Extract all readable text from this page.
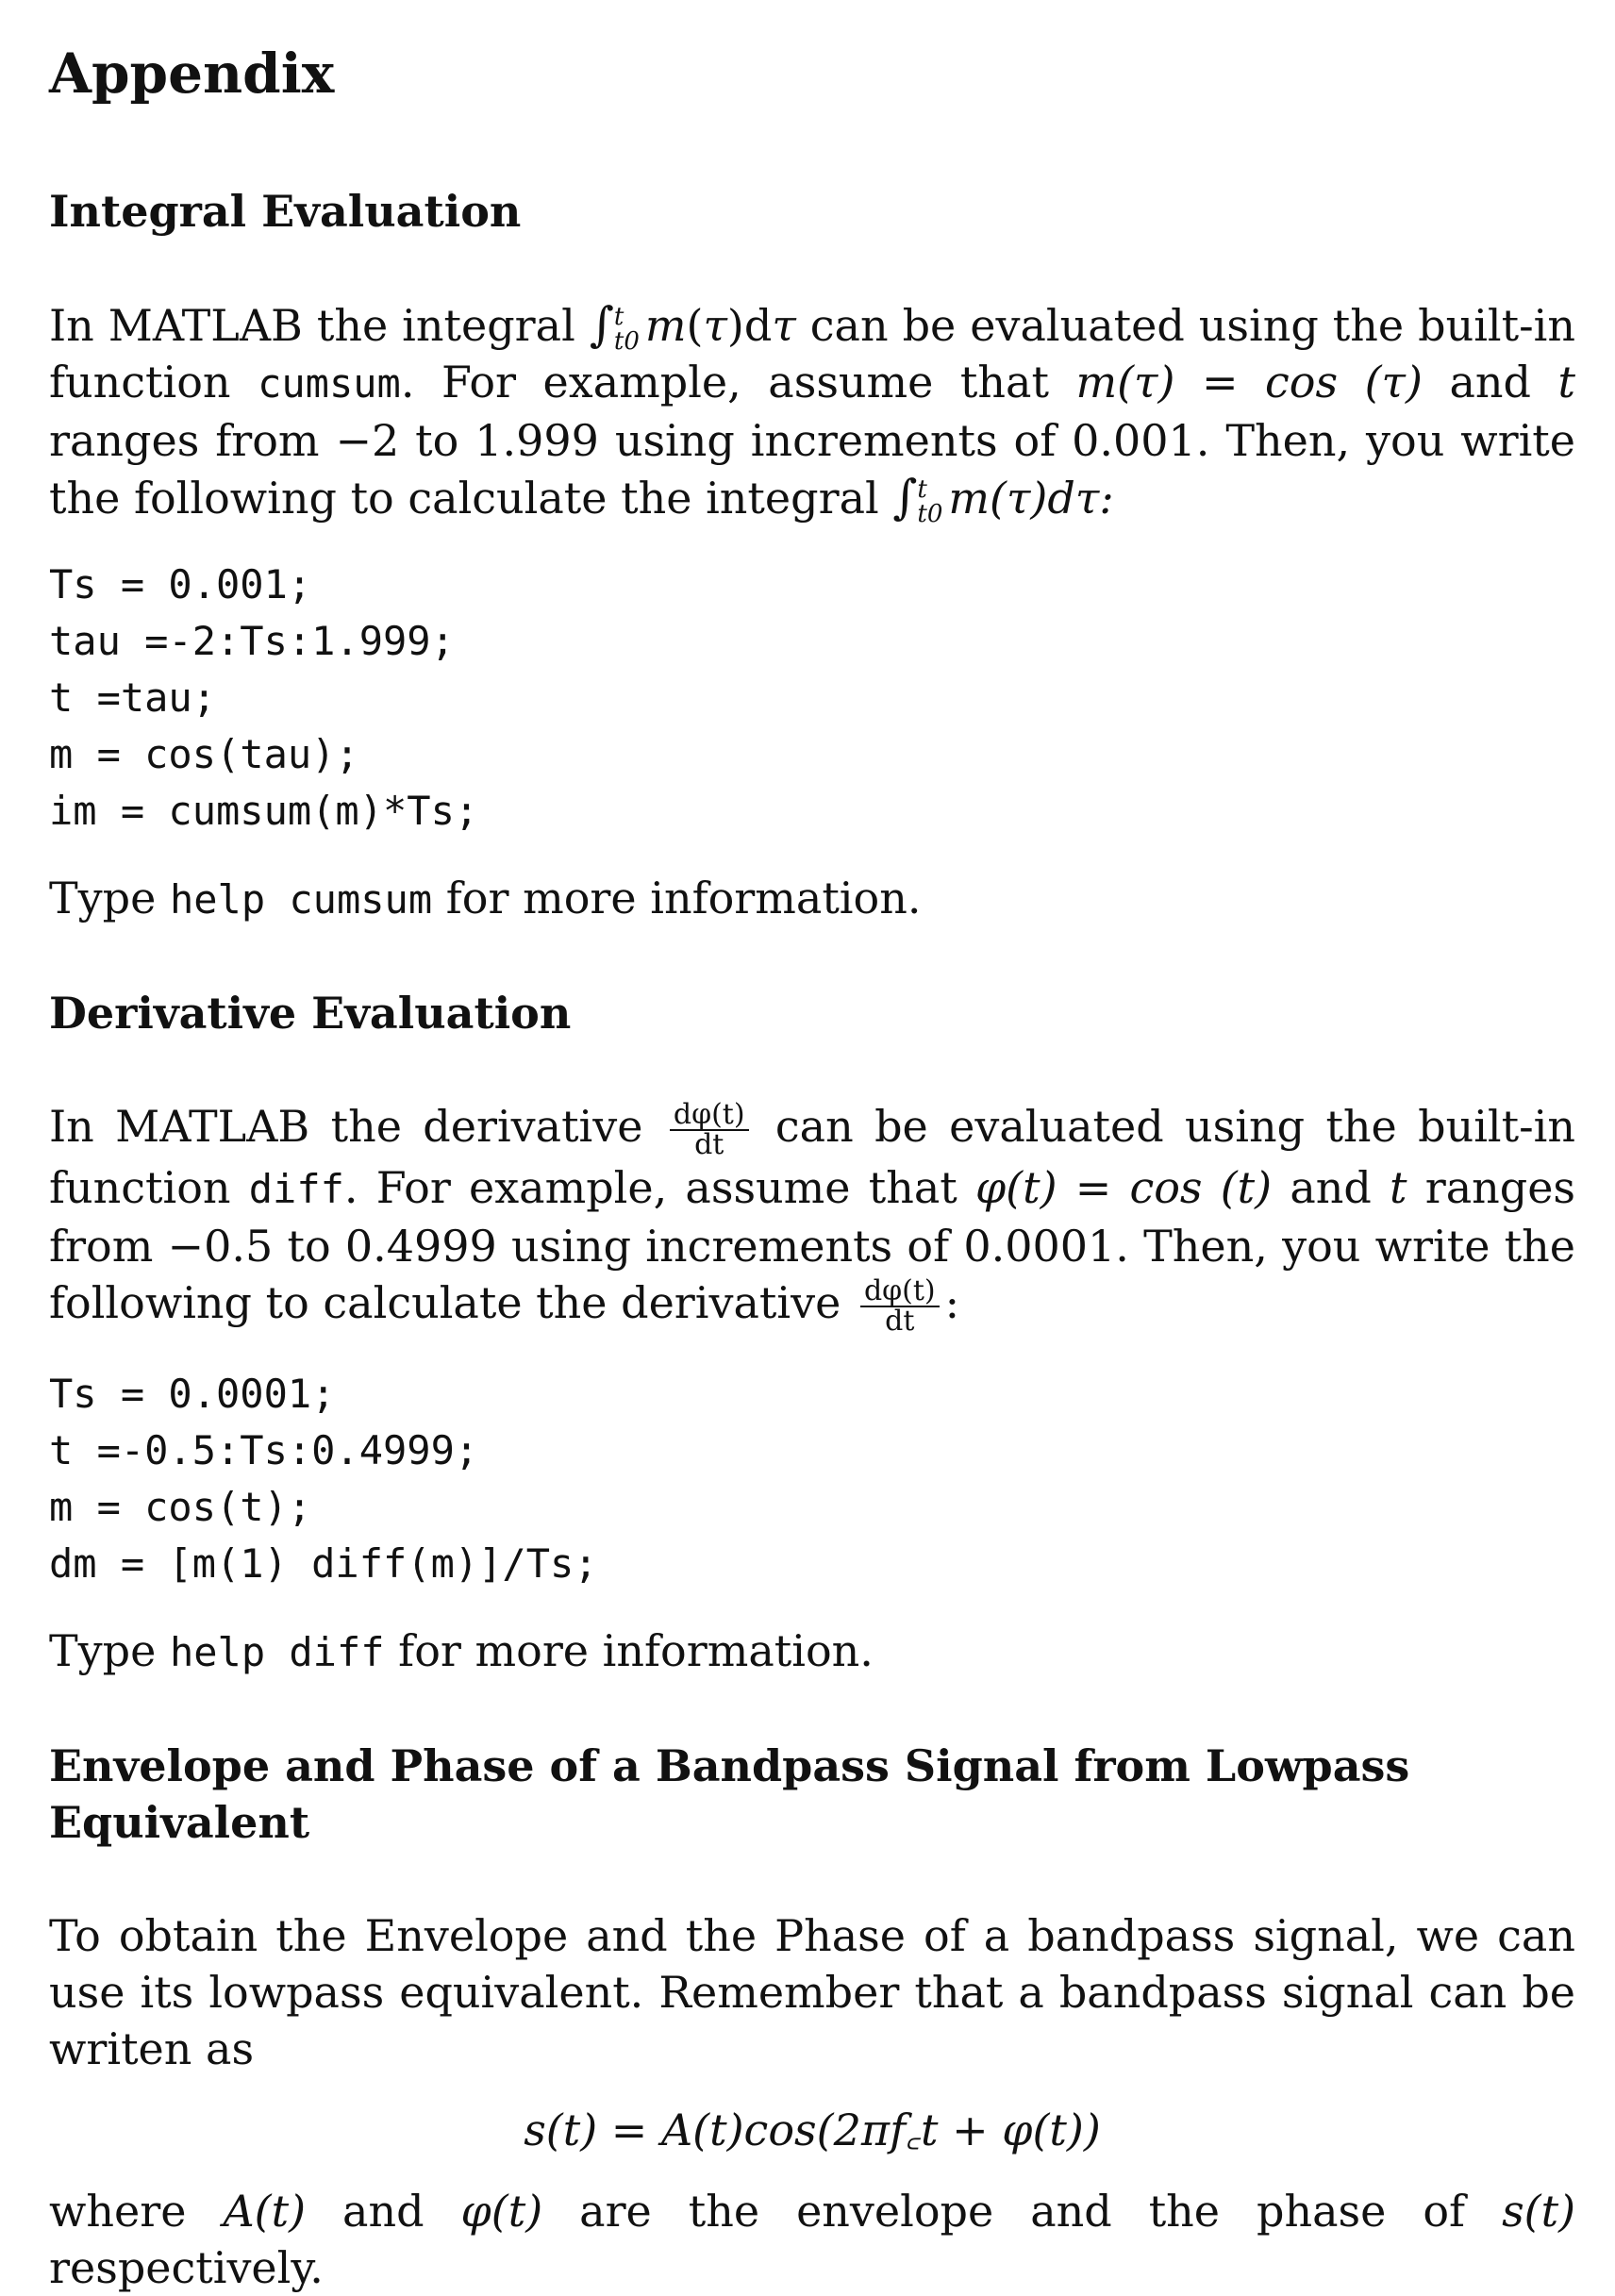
Appendix
Integral Evaluation

In MATLAB the integral ∫ t
t0 m(τ)dτ can be evaluated using the built-in function cumsum. For example, assume that m(τ) = cos (τ) and t ranges from −2 to 1.999 using increments of 0.001. Then, you write the following to calculate the integral ∫ t
t0 m(τ)dτ:

Ts = 0.001;
tau =-2:Ts:1.999;
t =tau;
m = cos(tau);
im = cumsum(m)*Ts;

Type help cumsum for more information.

Derivative Evaluation

In MATLAB the derivative $\frac{d\varphi(t)}{dt}$ can be evaluated using the built-in function diff. For example, assume that φ(t) = cos (t) and t ranges from −0.5 to 0.4999 using increments of 0.0001. Then, you write the following to calculate the derivative $\frac{d\varphi(t)}{dt}$ :

Ts = 0.0001;
t =-0.5:Ts:0.4999;
m = cos(t);
dm = [m(1) diff(m)]/Ts;

Type help diff for more information.

Envelope and Phase of a Bandpass Signal from Lowpass Equivalent

To obtain the Envelope and the Phase of a bandpass signal, we can use its lowpass equivalent. Remember that a bandpass signal can be writen as

s(t) = A(t)cos(2πf꜀t + φ(t))

where A(t) and φ(t) are the envelope and the phase of s(t) respectively.
